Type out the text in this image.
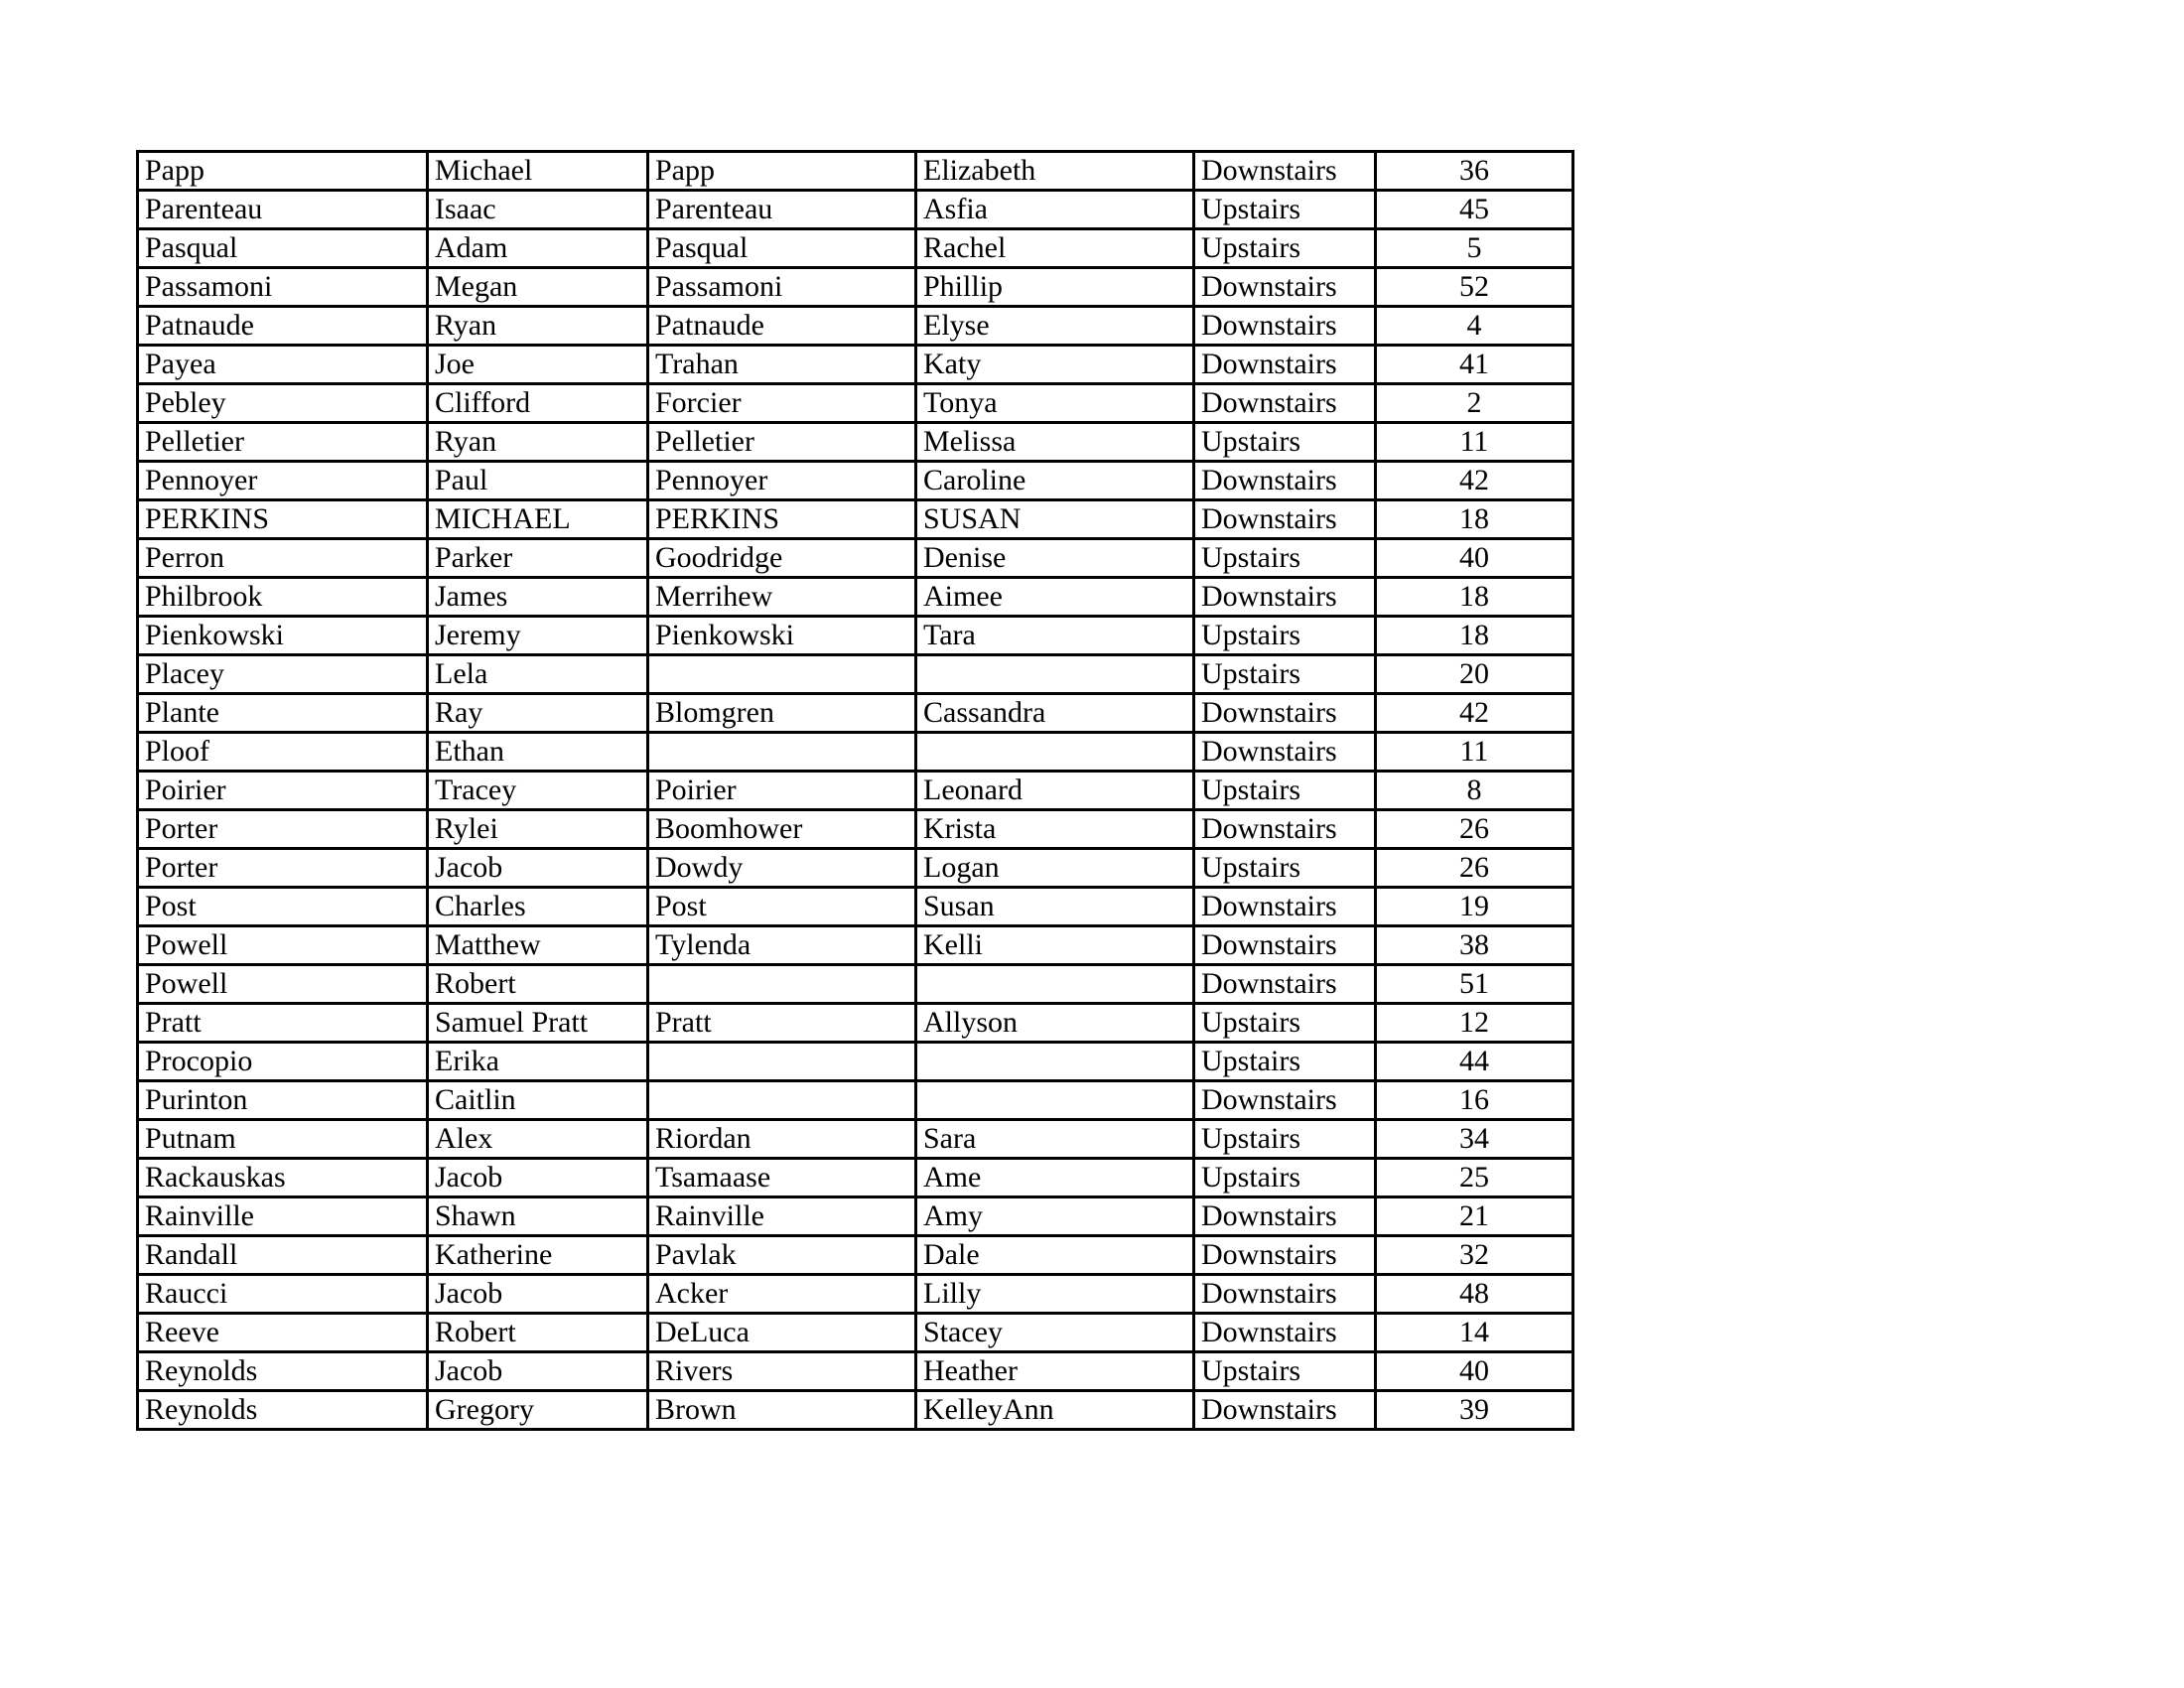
Papp	Michael	Papp	Elizabeth	Downstairs	36
Parenteau	Isaac	Parenteau	Asfia	Upstairs	45
Pasqual	Adam	Pasqual	Rachel	Upstairs	5
Passamoni	Megan	Passamoni	Phillip	Downstairs	52
Patnaude	Ryan	Patnaude	Elyse	Downstairs	4
Payea	Joe	Trahan	Katy	Downstairs	41
Pebley	Clifford	Forcier	Tonya	Downstairs	2
Pelletier	Ryan	Pelletier	Melissa	Upstairs	11
Pennoyer	Paul	Pennoyer	Caroline	Downstairs	42
PERKINS	MICHAEL	PERKINS	SUSAN	Downstairs	18
Perron	Parker	Goodridge	Denise	Upstairs	40
Philbrook	James	Merrihew	Aimee	Downstairs	18
Pienkowski	Jeremy	Pienkowski	Tara	Upstairs	18
Placey	Lela			Upstairs	20
Plante	Ray	Blomgren	Cassandra	Downstairs	42
Ploof	Ethan			Downstairs	11
Poirier	Tracey	Poirier	Leonard	Upstairs	8
Porter	Rylei	Boomhower	Krista	Downstairs	26
Porter	Jacob	Dowdy	Logan	Upstairs	26
Post	Charles	Post	Susan	Downstairs	19
Powell	Matthew	Tylenda	Kelli	Downstairs	38
Powell	Robert			Downstairs	51
Pratt	Samuel Pratt	Pratt	Allyson	Upstairs	12
Procopio	Erika			Upstairs	44
Purinton	Caitlin			Downstairs	16
Putnam	Alex	Riordan	Sara	Upstairs	34
Rackauskas	Jacob	Tsamaase	Ame	Upstairs	25
Rainville	Shawn	Rainville	Amy	Downstairs	21
Randall	Katherine	Pavlak	Dale	Downstairs	32
Raucci	Jacob	Acker	Lilly	Downstairs	48
Reeve	Robert	DeLuca	Stacey	Downstairs	14
Reynolds	Jacob	Rivers	Heather	Upstairs	40
Reynolds	Gregory	Brown	KelleyAnn	Downstairs	39
